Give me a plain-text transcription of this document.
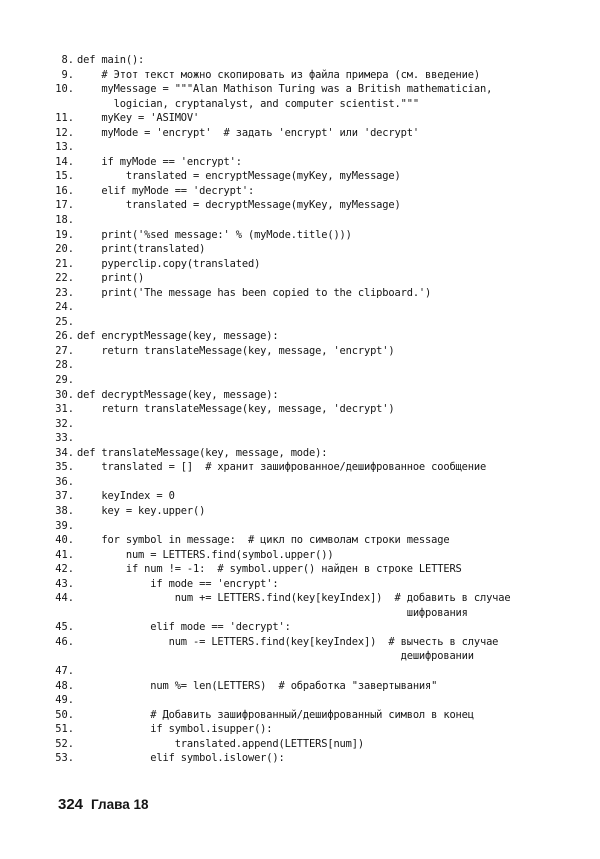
8. def main():
9. # Этот текст можно скопировать из файла примера (см. введение)
10.	myMessage = """Alan Mathison Turing was a British mathematician,
logician, cryptanalyst, and computer scientist."""
11. myKey = 'ASIMOV'
12. myMode = 'encrypt'  # задать 'encrypt' или 'decrypt'
13.
14. if myMode == 'encrypt':
15. translated = encryptMessage(myKey, myMessage)
16. elif myMode == 'decrypt':
17. translated = decryptMessage(myKey, myMessage)
18.
19. print('%sed message:' % (myMode.title()))
20. print(translated)
21. pyperclip.copy(translated)
22. print()
23. print('The message has been copied to the clipboard.')
24.
25.
26. def encryptMessage(key, message):
27. return translateMessage(key, message, 'encrypt')
28.
29.
30. def decryptMessage(key, message):
31. return translateMessage(key, message, 'decrypt')
32.
33.
34. def translateMessage(key, message, mode):
35. translated = []  # хранит зашифрованное/дешифрованное сообщение
36.
37. keyIndex = 0
38. key = key.upper()
39.
40. for symbol in message:  # цикл по символам строки message
41. num = LETTERS.find(symbol.upper())
42. if num != -1:  # symbol.upper() найден в строке LETTERS
43. if mode == 'encrypt':
44.	num += LETTERS.find(key[keyIndex])  # добавить в случае
шифрования
45. elif mode == 'decrypt':
46.	num -= LETTERS.find(key[keyIndex])  # вычесть в случае
дешифровании
47.
48. num %= len(LETTERS)  # обработка "завертывания"
49.
50. # Добавить зашифрованный/дешифрованный символ в конец
51. if symbol.isupper():
52. translated.append(LETTERS[num])
53. elif symbol.islower():
324 Глава 18
